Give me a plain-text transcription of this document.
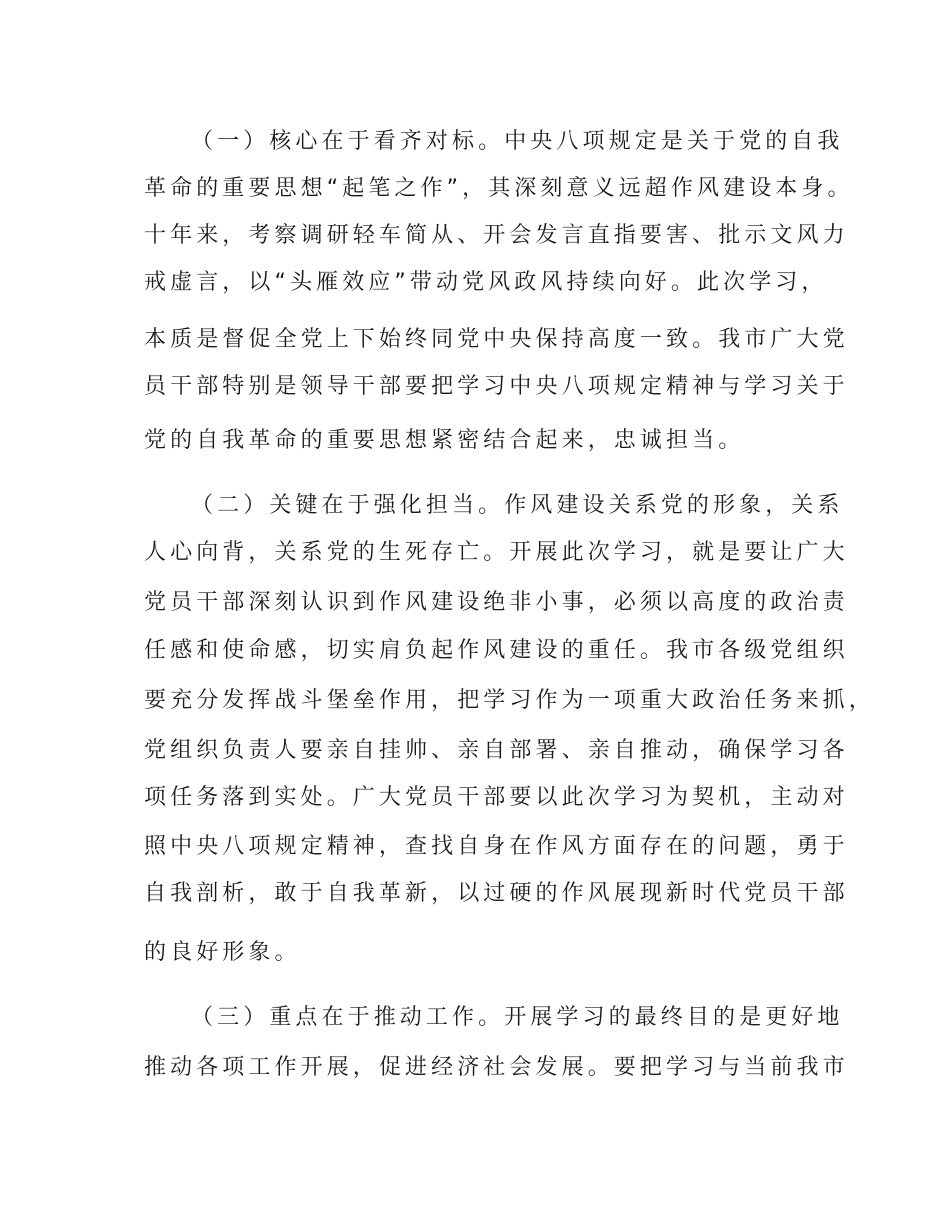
（一）核心在于看齐对标。中央八项规定是关于党的自我
革命的重要思想“起笔之作”，其深刻意义远超作风建设本身。
十年来，考察调研轻车简从、开会发言直指要害、批示文风力
戒虚言，以“头雁效应”带动党风政风持续向好。此次学习，
本质是督促全党上下始终同党中央保持高度一致。我市广大党
员干部特别是领导干部要把学习中央八项规定精神与学习关于
党的自我革命的重要思想紧密结合起来，忠诚担当。
（二）关键在于强化担当。作风建设关系党的形象，关系
人心向背，关系党的生死存亡。开展此次学习，就是要让广大
党员干部深刻认识到作风建设绝非小事，必须以高度的政治责
任感和使命感，切实肩负起作风建设的重任。我市各级党组织
要充分发挥战斗堡垒作用，把学习作为一项重大政治任务来抓，
党组织负责人要亲自挂帅、亲自部署、亲自推动，确保学习各
项任务落到实处。广大党员干部要以此次学习为契机，主动对
照中央八项规定精神，查找自身在作风方面存在的问题，勇于
自我剖析，敢于自我革新，以过硬的作风展现新时代党员干部
的良好形象。
（三）重点在于推动工作。开展学习的最终目的是更好地
推动各项工作开展，促进经济社会发展。要把学习与当前我市
